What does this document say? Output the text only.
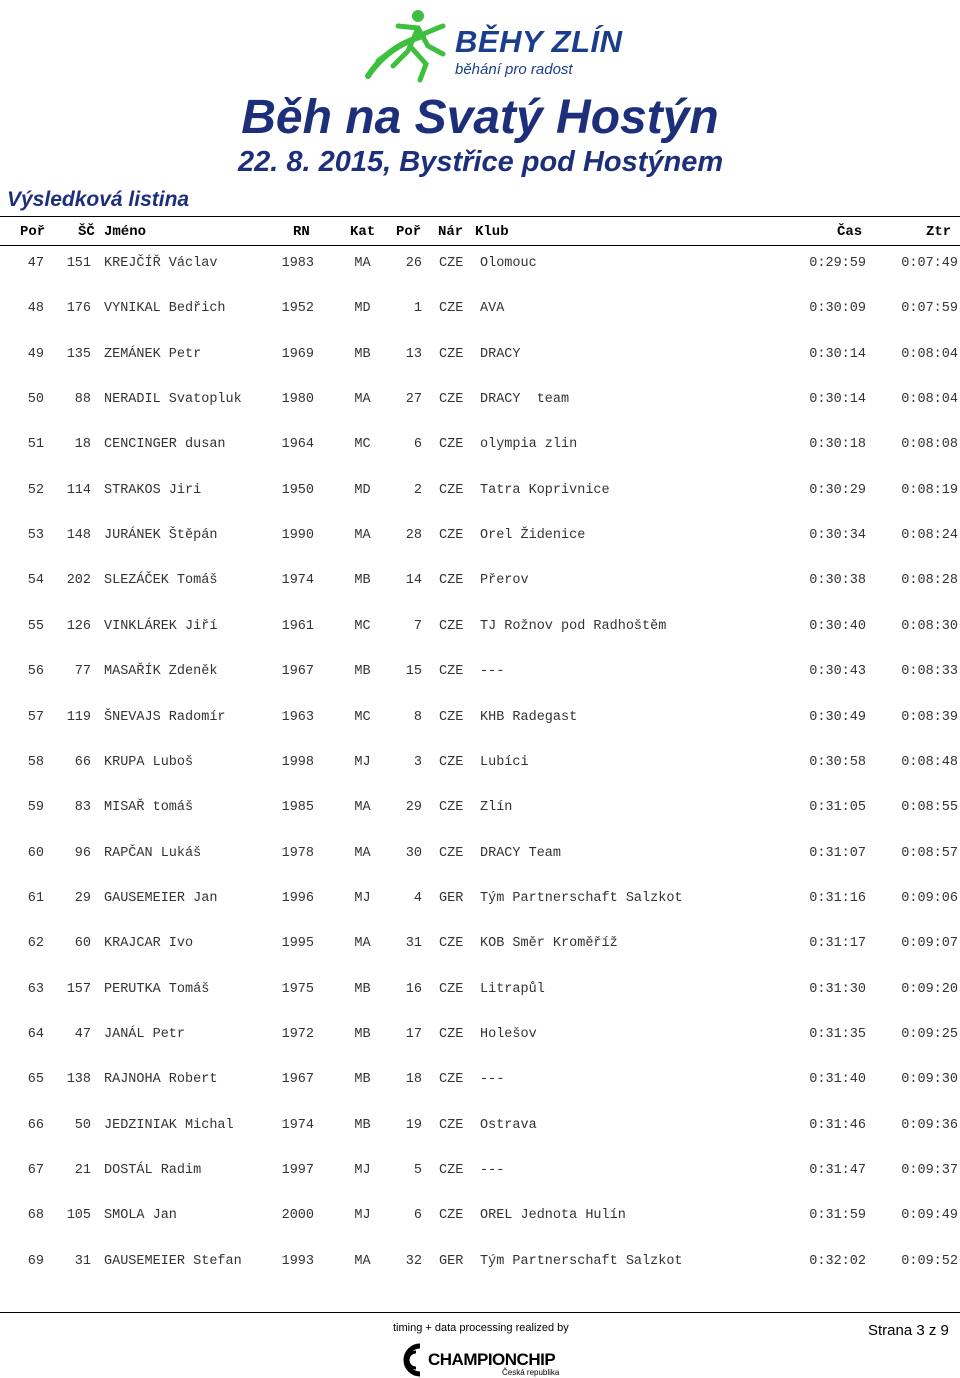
BĚHY ZLÍN
běhání pro radost
Běh na Svatý Hostýn
22. 8. 2015, Bystřice pod Hostýnem
Výsledková listina
Poř ŠČ Jméno	RN	Kat Poř Nár Klub	Čas	Ztr
47	151 KREJČÍŘ Václav	1983	MA	26 CZE Olomouc	0:29:59	0:07:49
48	176 VYNIKAL Bedřich	1952	MD	1 CZE AVA	0:30:09	0:07:59
49	135 ZEMÁNEK Petr	1969	MB	13 CZE DRACY	0:30:14	0:08:04
50	88 NERADIL Svatopluk	1980	MA	27 CZE DRACY  team	0:30:14	0:08:04
51	18 CENCINGER dusan	1964	MC	6 CZE olympia zlin	0:30:18	0:08:08
52	114 STRAKOS Jiri	1950	MD	2 CZE Tatra Koprivnice	0:30:29	0:08:19
53	148 JURÁNEK Štěpán	1990	MA	28 CZE Orel Židenice	0:30:34	0:08:24
54	202 SLEZÁČEK Tomáš	1974	MB	14 CZE Přerov	0:30:38	0:08:28
55	126 VINKLÁREK Jiří	1961	MC	7 CZE TJ Rožnov pod Radhoštěm	0:30:40	0:08:30
56	77 MASAŘÍK Zdeněk	1967	MB	15 CZE ---	0:30:43	0:08:33
57	119 ŠNEVAJS Radomír	1963	MC	8 CZE KHB Radegast	0:30:49	0:08:39
58	66 KRUPA Luboš	1998	MJ	3 CZE Lubíci	0:30:58	0:08:48
59	83 MISAŘ tomáš	1985	MA	29 CZE Zlín	0:31:05	0:08:55
60	96 RAPČAN Lukáš	1978	MA	30 CZE DRACY Team	0:31:07	0:08:57
61	29 GAUSEMEIER Jan	1996	MJ	4 GER Tým Partnerschaft Salzkot	0:31:16	0:09:06
62	60 KRAJCAR Ivo	1995	MA	31 CZE KOB Směr Kroměříž	0:31:17	0:09:07
63	157 PERUTKA Tomáš	1975	MB	16 CZE Litrapůl	0:31:30	0:09:20
64	47 JANÁL Petr	1972	MB	17 CZE Holešov	0:31:35	0:09:25
65	138 RAJNOHA Robert	1967	MB	18 CZE ---	0:31:40	0:09:30
66	50 JEDZINIAK Michal	1974	MB	19 CZE Ostrava	0:31:46	0:09:36
67	21 DOSTÁL Radim	1997	MJ	5 CZE ---	0:31:47	0:09:37
68	105 SMOLA Jan	2000	MJ	6 CZE OREL Jednota Hulín	0:31:59	0:09:49
69	31 GAUSEMEIER Stefan	1993	MA	32 GER Tým Partnerschaft Salzkot	0:32:02	0:09:52
timing + data processing realized by	Strana 3 z 9
CHAMPIONCHIP
Česká republika
